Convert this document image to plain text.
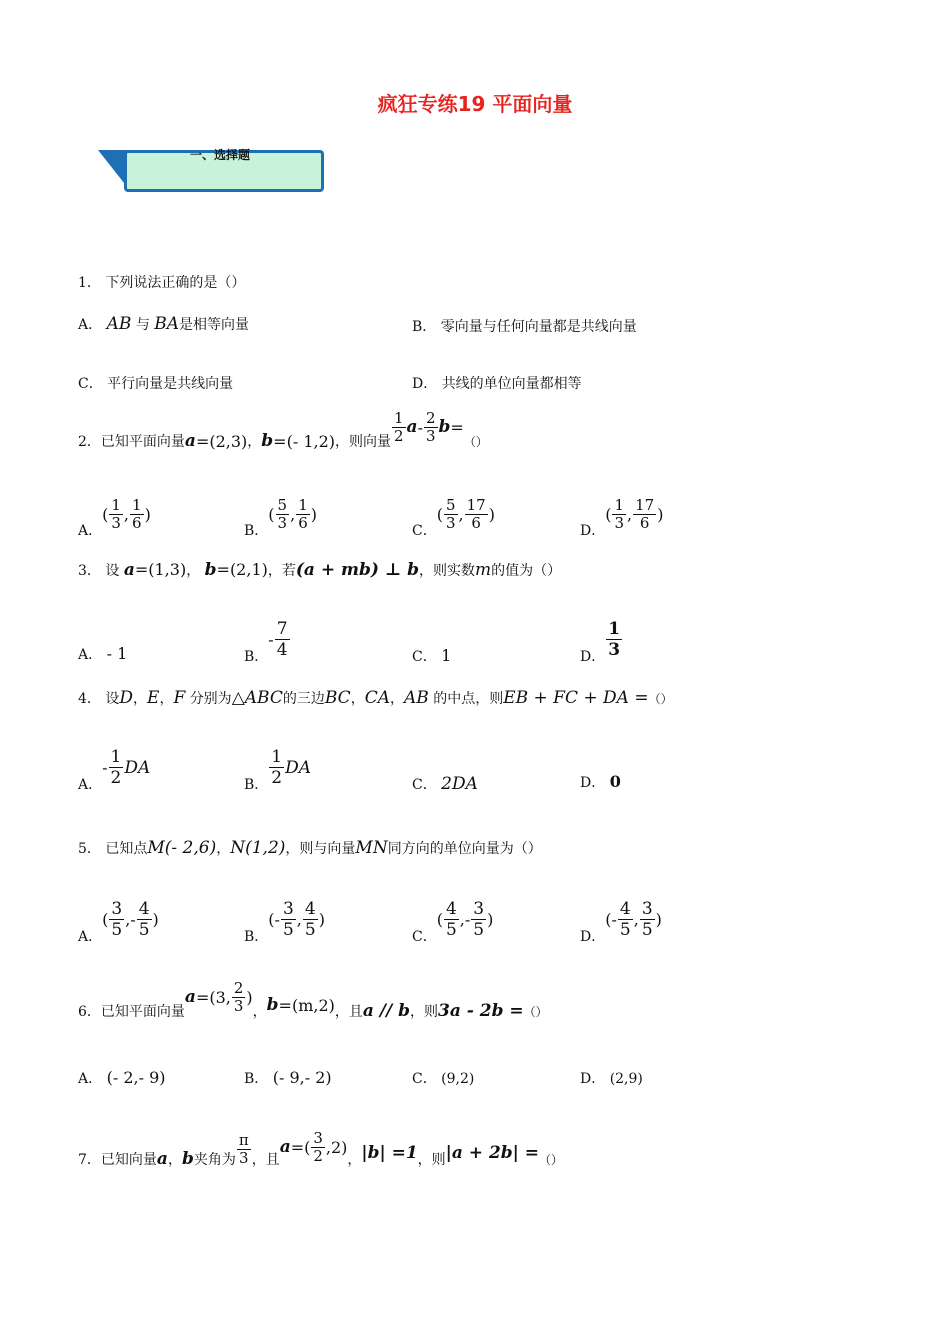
疯狂专练19 平面向量
一、选择题
1． 下列说法正确的是（）
A． AB 与 BA是相等向量	B． 零向量与任何向量都是共线向量
C． 平行向量是共线向量	D． 共线的单位向量都相等
2． 已知平面向量 a =(2,3) ， b =(- 1,2) ，则向量 $\frac{1}{2}$ a - $\frac{2}{3}$ b =
（）
A．
( $\frac{1}{3}$ , $\frac{1}{6}$ )
B．
( $\frac{5}{3}$ , $\frac{1}{6}$ )
C．
( $\frac{5}{3}$ , $\frac{17}{6}$ )
D．
( $\frac{1}{3}$ , $\frac{17}{6}$ )
3． 设 a=(1,3)， b=(2,1)，若(a + mb) ⊥ b，则实数m的值为（）
A． - 1	B．
- $\frac{7}{4}$	C． 1	D． $\frac{1}{3}$
4． 设D，E，F 分别为△ABC的三边BC，CA，AB 的中点，则EB + FC + DA =（）
A．
- $\frac{1}{2}$ DA
B． $\frac{1}{2}$ DA
C． 2DA	D． 0
5． 已知点M(- 2,6)，N(1,2)，则与向量MN同方向的单位向量为（）
A．
( $\frac{3}{5}$ , - $\frac{4}{5}$ )
B．
( - $\frac{3}{5}$ , $\frac{4}{5}$ )
C．
( $\frac{4}{5}$ , - $\frac{3}{5}$ )
D．
( - $\frac{4}{5}$ , $\frac{3}{5}$ )
6． 已知平面向量
a =(3, $\frac{2}{3}$ )
， b =(m,2) ，且 a // b ，则 3a - 2b = （）
A． (- 2,- 9)	B． (- 9,- 2)	C． (9,2)	D． (2,9)
7． 已知向量 a ， b 夹角为 $\frac{\pi}{3}$ ，且
a =( $\frac{3}{2} ,2$)
， |b| =1 ，则 |a + 2b| = （）
